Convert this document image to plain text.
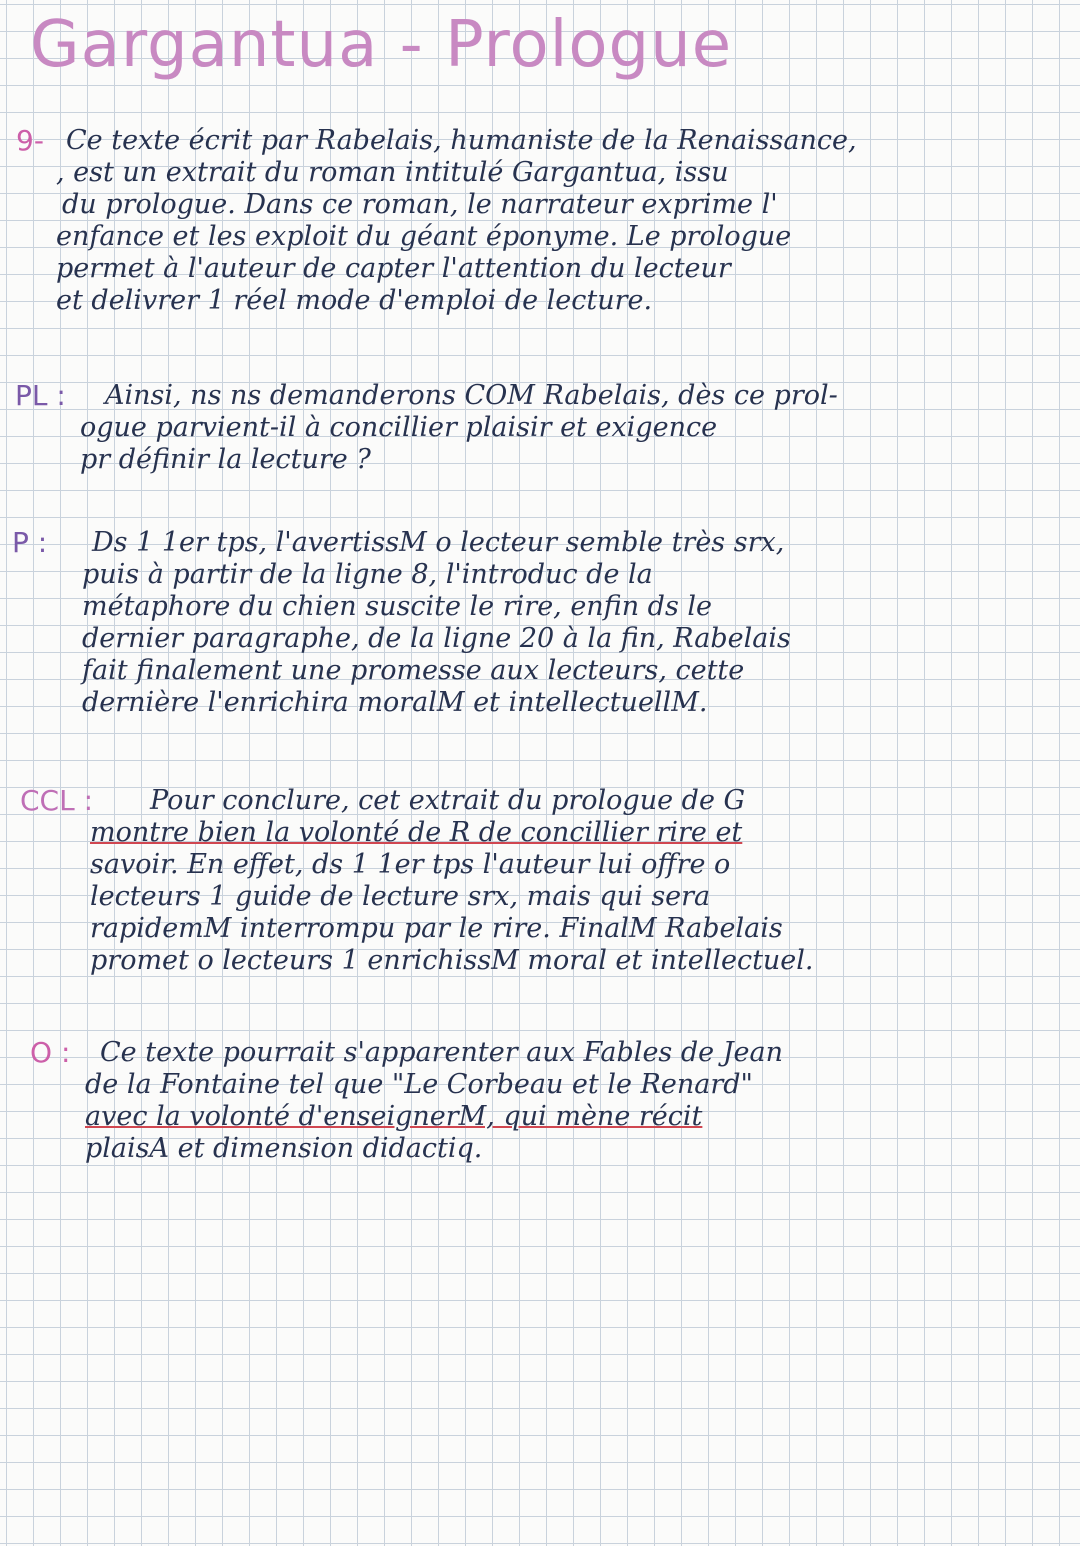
Gargantua - Prologue
9- Ce texte écrit par Rabelais, humaniste de la Renaissance,
, est un extrait du roman intitulé Gargantua, issu
du prologue. Dans ce roman, le narrateur exprime l'
enfance et les exploit du géant éponyme. Le prologue
permet à l'auteur de capter l'attention du lecteur
et delivrer 1 réel mode d'emploi de lecture.
PL : Ainsi, ns ns demanderons COM Rabelais, dès ce prol-
ogue parvient-il à concillier plaisir et exigence
pr définir la lecture ?
P : Ds 1 1er tps, l'avertissM o lecteur semble très srx,
puis à partir de la ligne 8, l'introduc de la
métaphore du chien suscite le rire, enfin ds le
dernier paragraphe, de la ligne 20 à la fin, Rabelais
fait finalement une promesse aux lecteurs, cette
dernière l'enrichira moralM et intellectuellM.
CCL : Pour conclure, cet extrait du prologue de G
montre bien la volonté de R de concillier rire et
savoir. En effet, ds 1 1er tps l'auteur lui offre o
lecteurs 1 guide de lecture srx, mais qui sera
rapidemM interrompu par le rire. FinalM Rabelais
promet o lecteurs 1 enrichissM moral et intellectuel.
O : Ce texte pourrait s'apparenter aux Fables de Jean
de la Fontaine tel que "Le Corbeau et le Renard"
avec la volonté d'enseignerM, qui mène récit
plaisA et dimension didactiq.
